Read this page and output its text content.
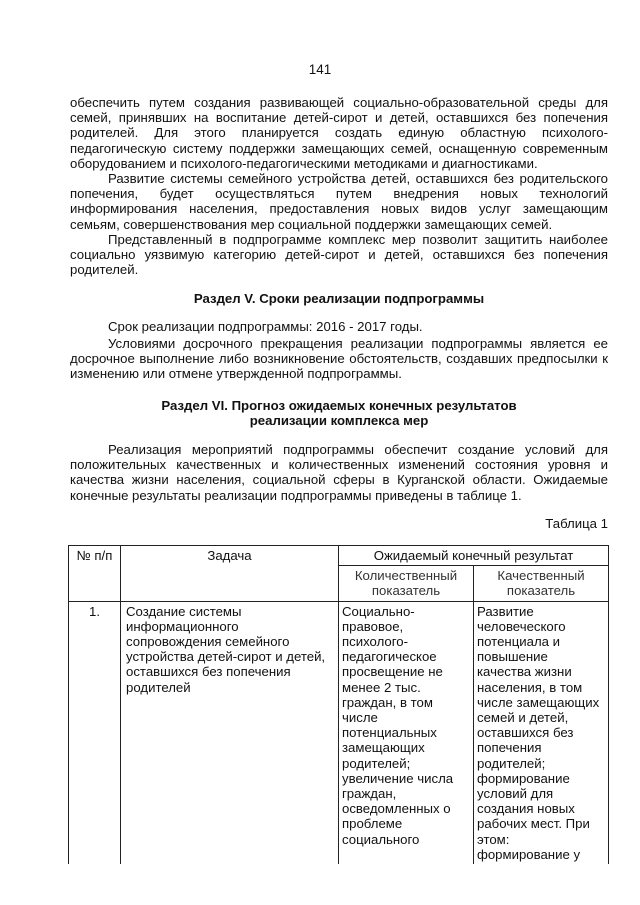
141

обеспечить путем создания развивающей социально-образовательной среды для семей, принявших на воспитание детей-сирот и детей, оставшихся без попечения родителей. Для этого планируется создать единую областную психолого-педагогическую систему поддержки замещающих семей, оснащенную современным оборудованием и психолого-педагогическими методиками и диагностиками.

Развитие системы семейного устройства детей, оставшихся без родительского попечения, будет осуществляться путем внедрения новых технологий информирования населения, предоставления новых видов услуг замещающим семьям, совершенствования мер социальной поддержки замещающих семей.

Представленный в подпрограмме комплекс мер позволит защитить наиболее социально уязвимую категорию детей-сирот и детей, оставшихся без попечения родителей.

Раздел V. Сроки реализации подпрограммы

Срок реализации подпрограммы: 2016 - 2017 годы.

Условиями досрочного прекращения реализации подпрограммы является ее досрочное выполнение либо возникновение обстоятельств, создавших предпосылки к изменению или отмене утвержденной подпрограммы.

Раздел VI. Прогноз ожидаемых конечных результатов

реализации комплекса мер

Реализация мероприятий подпрограммы обеспечит создание условий для положительных качественных и количественных изменений состояния уровня и качества жизни населения, социальной сферы в Курганской области. Ожидаемые конечные результаты реализации подпрограммы приведены в таблице 1.

Таблица 1
№ п/п	Задача	Ожидаемый конечный результат	
		Количественный показатель	Качественный показатель
1.	Создание системы информационного сопровождения семейного устройства детей-сирот и детей, оставшихся без попечения родителей	Социально-правовое, психолого-педагогическое просвещение не менее 2 тыс. граждан, в том числе потенциальных замещающих родителей; увеличение числа граждан, осведомленных о проблеме социального	Развитие человеческого потенциала и повышение качества жизни населения, в том числе замещающих семей и детей, оставшихся без попечения родителей; формирование условий для создания новых рабочих мест. При этом: формирование у
